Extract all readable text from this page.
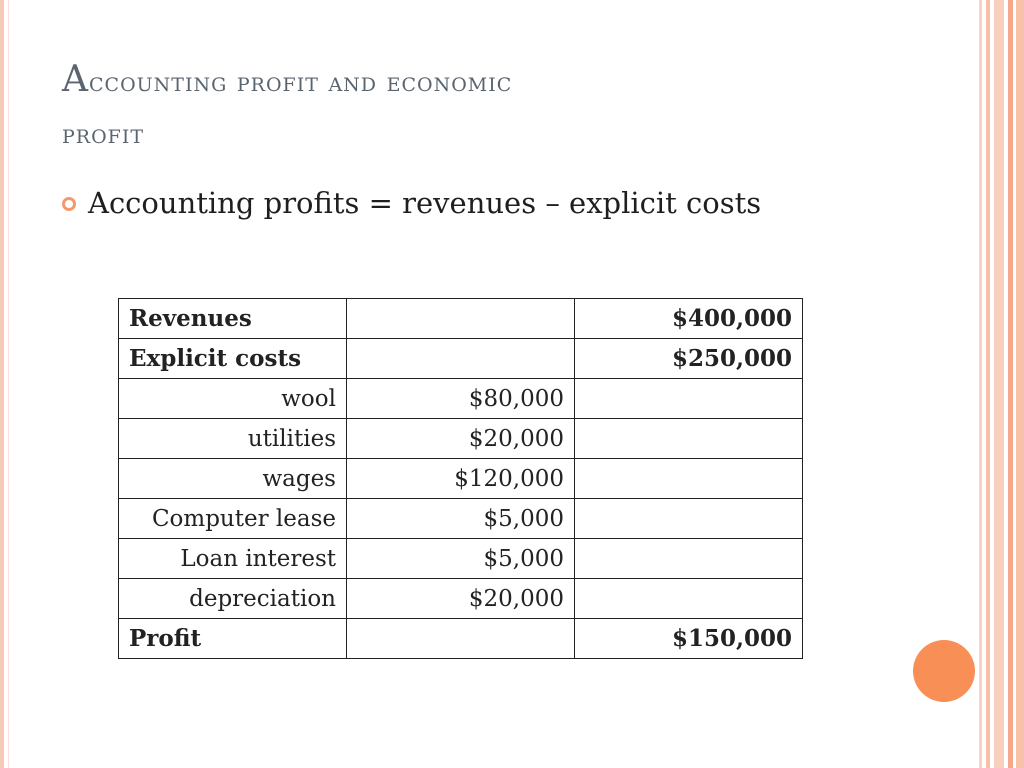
Accounting profit and economic
profit
Accounting profits = revenues – explicit costs
Revenues		$400,000
Explicit costs		$250,000
wool	$80,000	
utilities	$20,000	
wages	$120,000	
Computer lease	$5,000	
Loan interest	$5,000	
depreciation	$20,000	
Profit		$150,000
